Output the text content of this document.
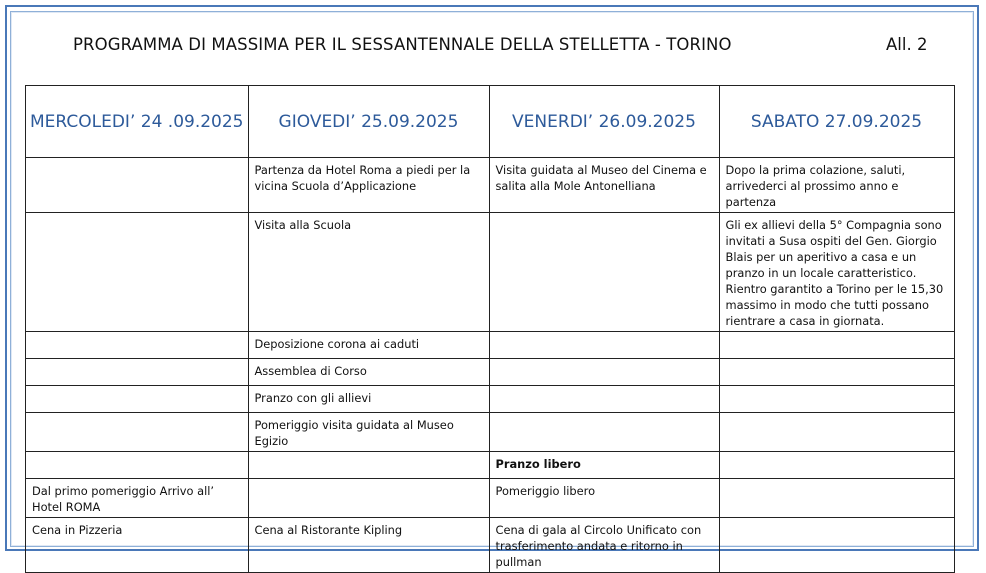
PROGRAMMA DI MASSIMA PER IL SESSANTENNALE DELLA STELLETTA - TORINO	All. 2
MERCOLEDI’ 24 .09.2025	GIOVEDI’ 25.09.2025	VENERDI’ 26.09.2025	SABATO 27.09.2025
	Partenza da Hotel Roma a piedi per la vicina Scuola d’Applicazione	Visita guidata al Museo del Cinema e salita alla Mole Antonelliana	Dopo la prima colazione, saluti, arrivederci al prossimo anno e partenza
	Visita alla Scuola		Gli ex allievi della 5° Compagnia sono invitati a Susa ospiti del Gen. Giorgio Blais per un aperitivo a casa e un pranzo in un locale caratteristico. Rientro garantito a Torino per le 15,30 massimo in modo che tutti possano rientrare a casa in giornata.
	Deposizione corona ai caduti		
	Assemblea di Corso		
	Pranzo con gli allievi		
	Pomeriggio visita guidata al Museo Egizio		
		Pranzo libero	
Dal primo pomeriggio Arrivo all’ Hotel ROMA		Pomeriggio libero	
Cena in Pizzeria	Cena al Ristorante Kipling	Cena di gala al Circolo Unificato con trasferimento andata e ritorno in pullman	
